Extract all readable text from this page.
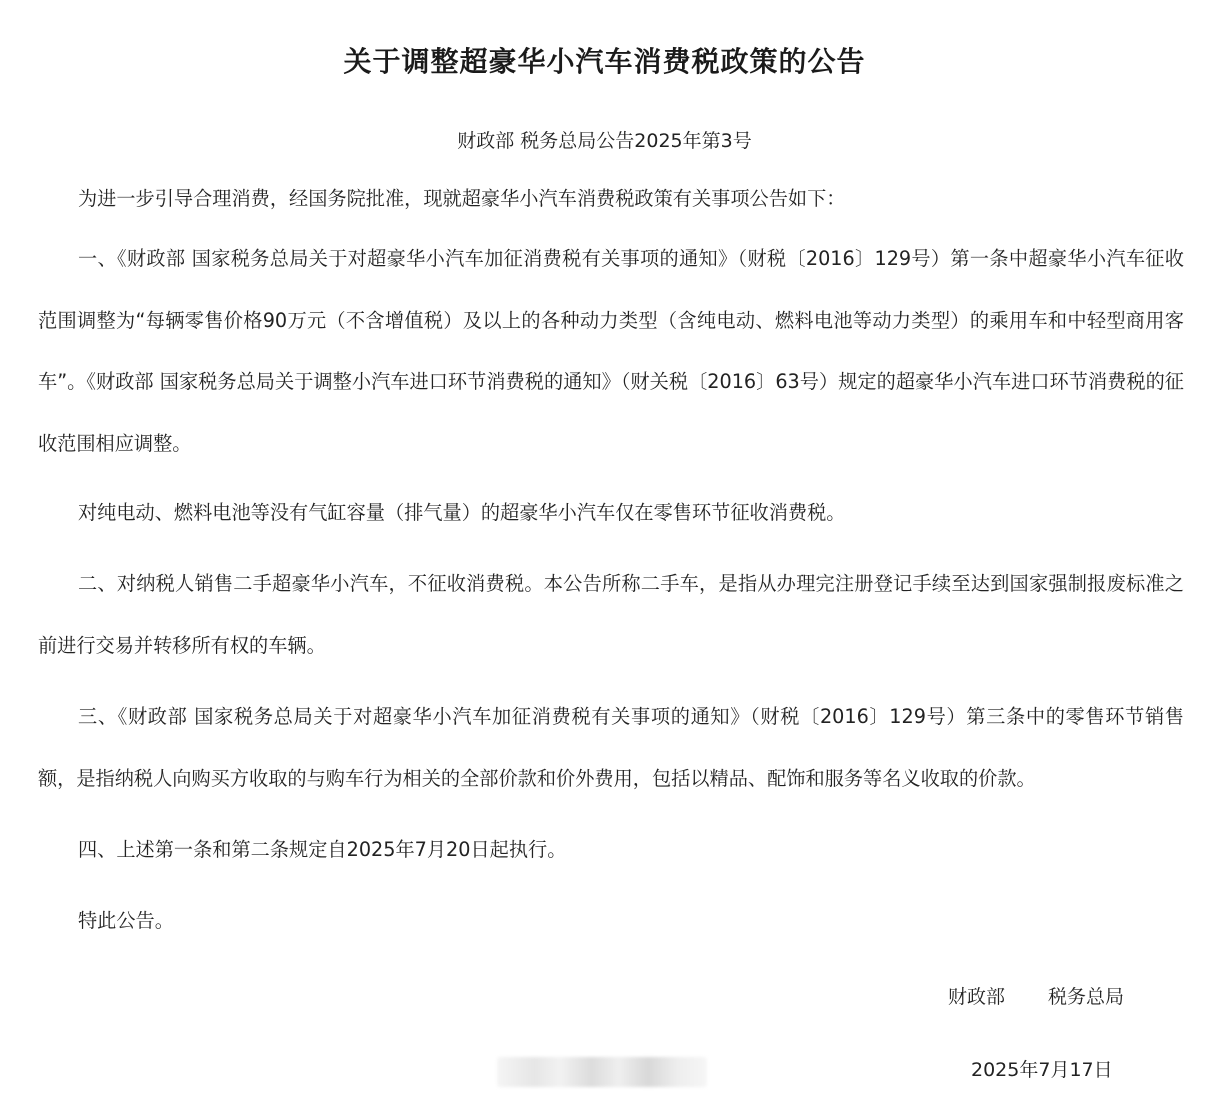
关于调整超豪华小汽车消费税政策的公告
财政部 税务总局公告2025年第3号

为进一步引导合理消费，经国务院批准，现就超豪华小汽车消费税政策有关事项公告如下：

一、《财政部 国家税务总局关于对超豪华小汽车加征消费税有关事项的通知》（财税〔2016〕129号）第一条中超豪华小汽车征收范围调整为“每辆零售价格90万元（不含增值税）及以上的各种动力类型（含纯电动、燃料电池等动力类型）的乘用车和中轻型商用客车”。《财政部 国家税务总局关于调整小汽车进口环节消费税的通知》（财关税〔2016〕63号）规定的超豪华小汽车进口环节消费税的征收范围相应调整。

对纯电动、燃料电池等没有气缸容量（排气量）的超豪华小汽车仅在零售环节征收消费税。

二、对纳税人销售二手超豪华小汽车，不征收消费税。本公告所称二手车，是指从办理完注册登记手续至达到国家强制报废标准之前进行交易并转移所有权的车辆。

三、《财政部 国家税务总局关于对超豪华小汽车加征消费税有关事项的通知》（财税〔2016〕129号）第三条中的零售环节销售额，是指纳税人向购买方收取的与购车行为相关的全部价款和价外费用，包括以精品、配饰和服务等名义收取的价款。

四、上述第一条和第二条规定自2025年7月20日起执行。

特此公告。

财政部 税务总局
2025年7月17日
